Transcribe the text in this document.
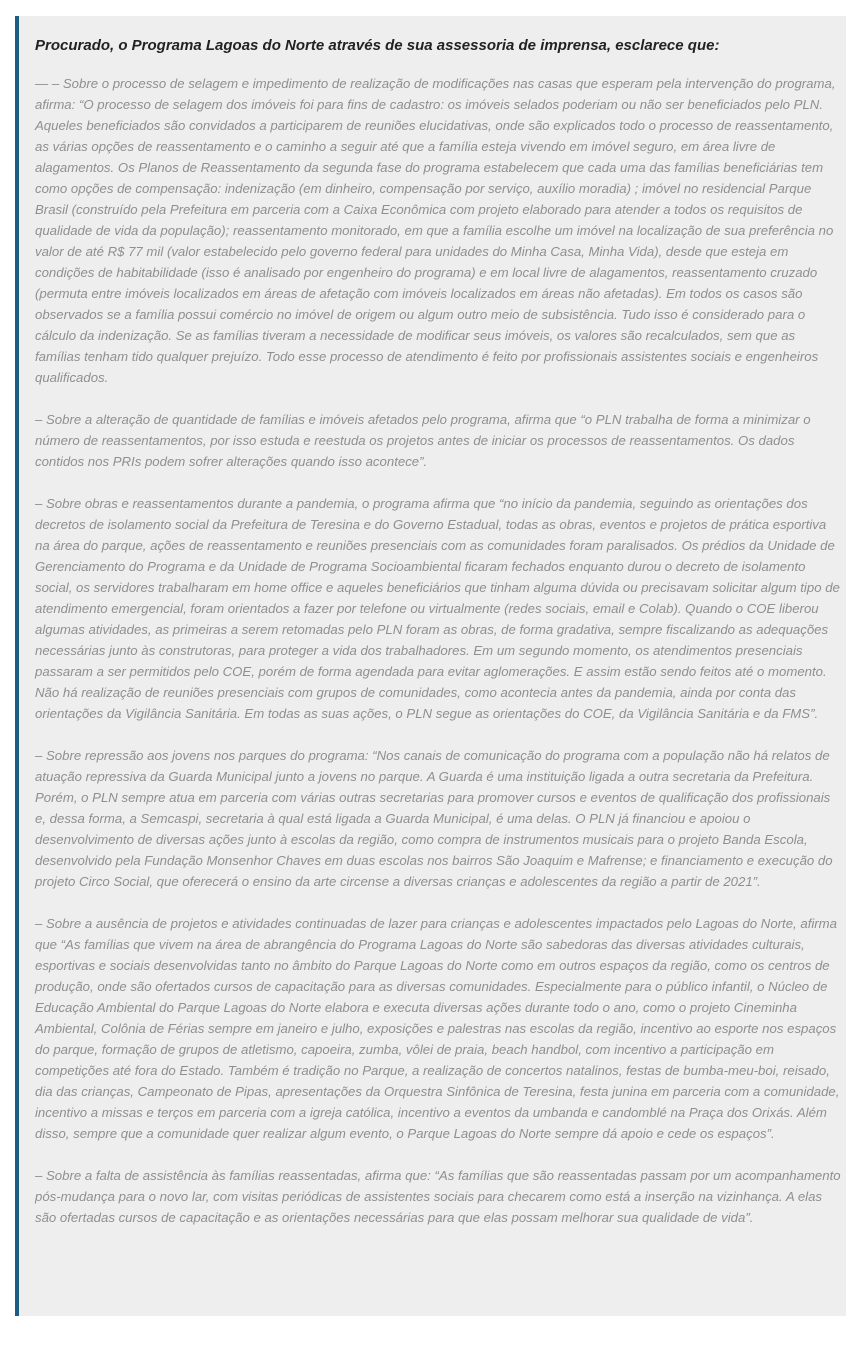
Procurado, o Programa Lagoas do Norte através de sua assessoria de imprensa, esclarece que:

— – Sobre o processo de selagem e impedimento de realização de modificações nas casas que esperam pela intervenção do programa, afirma: “O processo de selagem dos imóveis foi para fins de cadastro: os imóveis selados poderiam ou não ser beneficiados pelo PLN. Aqueles beneficiados são convidados a participarem de reuniões elucidativas, onde são explicados todo o processo de reassentamento, as várias opções de reassentamento e o caminho a seguir até que a família esteja vivendo em imóvel seguro, em área livre de alagamentos. Os Planos de Reassentamento da segunda fase do programa estabelecem que cada uma das famílias beneficiárias tem como opções de compensação: indenização (em dinheiro, compensação por serviço, auxílio moradia) ; imóvel no residencial Parque Brasil (construído pela Prefeitura em parceria com a Caixa Econômica com projeto elaborado para atender a todos os requisitos de qualidade de vida da população); reassentamento monitorado, em que a família escolhe um imóvel na localização de sua preferência no valor de até R$ 77 mil (valor estabelecido pelo governo federal para unidades do Minha Casa, Minha Vida), desde que esteja em condições de habitabilidade (isso é analisado por engenheiro do programa) e em local livre de alagamentos, reassentamento cruzado (permuta entre imóveis localizados em áreas de afetação com imóveis localizados em áreas não afetadas). Em todos os casos são observados se a família possui comércio no imóvel de origem ou algum outro meio de subsistência. Tudo isso é considerado para o cálculo da indenização. Se as famílias tiveram a necessidade de modificar seus imóveis, os valores são recalculados, sem que as famílias tenham tido qualquer prejuízo. Todo esse processo de atendimento é feito por profissionais assistentes sociais e engenheiros qualificados.

– Sobre a alteração de quantidade de famílias e imóveis afetados pelo programa, afirma que “o PLN trabalha de forma a minimizar o número de reassentamentos, por isso estuda e reestuda os projetos antes de iniciar os processos de reassentamentos. Os dados contidos nos PRIs podem sofrer alterações quando isso acontece”.

– Sobre obras e reassentamentos durante a pandemia, o programa afirma que “no início da pandemia, seguindo as orientações dos decretos de isolamento social da Prefeitura de Teresina e do Governo Estadual, todas as obras, eventos e projetos de prática esportiva na área do parque, ações de reassentamento e reuniões presenciais com as comunidades foram paralisados. Os prédios da Unidade de Gerenciamento do Programa e da Unidade de Programa Socioambiental ficaram fechados enquanto durou o decreto de isolamento social, os servidores trabalharam em home office e aqueles beneficiários que tinham alguma dúvida ou precisavam solicitar algum tipo de atendimento emergencial, foram orientados a fazer por telefone ou virtualmente (redes sociais, email e Colab). Quando o COE liberou algumas atividades, as primeiras a serem retomadas pelo PLN foram as obras, de forma gradativa, sempre fiscalizando as adequações necessárias junto às construtoras, para proteger a vida dos trabalhadores. Em um segundo momento, os atendimentos presenciais passaram a ser permitidos pelo COE, porém de forma agendada para evitar aglomerações. E assim estão sendo feitos até o momento. Não há realização de reuniões presenciais com grupos de comunidades, como acontecia antes da pandemia, ainda por conta das orientações da Vigilância Sanitária. Em todas as suas ações, o PLN segue as orientações do COE, da Vigilância Sanitária e da FMS”.

– Sobre repressão aos jovens nos parques do programa: “Nos canais de comunicação do programa com a população não há relatos de atuação repressiva da Guarda Municipal junto a jovens no parque. A Guarda é uma instituição ligada a outra secretaria da Prefeitura. Porém, o PLN sempre atua em parceria com várias outras secretarias para promover cursos e eventos de qualificação dos profissionais e, dessa forma, a Semcaspi, secretaria à qual está ligada a Guarda Municipal, é uma delas. O PLN já financiou e apoiou o desenvolvimento de diversas ações junto à escolas da região, como compra de instrumentos musicais para o projeto Banda Escola, desenvolvido pela Fundação Monsenhor Chaves em duas escolas nos bairros São Joaquim e Mafrense; e financiamento e execução do projeto Circo Social, que oferecerá o ensino da arte circense a diversas crianças e adolescentes da região a partir de 2021”.

– Sobre a ausência de projetos e atividades continuadas de lazer para crianças e adolescentes impactados pelo Lagoas do Norte, afirma que “As famílias que vivem na área de abrangência do Programa Lagoas do Norte são sabedoras das diversas atividades culturais, esportivas e sociais desenvolvidas tanto no âmbito do Parque Lagoas do Norte como em outros espaços da região, como os centros de produção, onde são ofertados cursos de capacitação para as diversas comunidades. Especialmente para o público infantil, o Núcleo de Educação Ambiental do Parque Lagoas do Norte elabora e executa diversas ações durante todo o ano, como o projeto Cineminha Ambiental, Colônia de Férias sempre em janeiro e julho, exposições e palestras nas escolas da região, incentivo ao esporte nos espaços do parque, formação de grupos de atletismo, capoeira, zumba, vôlei de praia, beach handbol, com incentivo a participação em competições até fora do Estado. Também é tradição no Parque, a realização de concertos natalinos, festas de bumba-meu-boi, reisado, dia das crianças, Campeonato de Pipas, apresentações da Orquestra Sinfônica de Teresina, festa junina em parceria com a comunidade, incentivo a missas e terços em parceria com a igreja católica, incentivo a eventos da umbanda e candomblé na Praça dos Orixás. Além disso, sempre que a comunidade quer realizar algum evento, o Parque Lagoas do Norte sempre dá apoio e cede os espaços”.

– Sobre a falta de assistência às famílias reassentadas, afirma que: “As famílias que são reassentadas passam por um acompanhamento pós-mudança para o novo lar, com visitas periódicas de assistentes sociais para checarem como está a inserção na vizinhança. A elas são ofertadas cursos de capacitação e as orientações necessárias para que elas possam melhorar sua qualidade de vida”.
